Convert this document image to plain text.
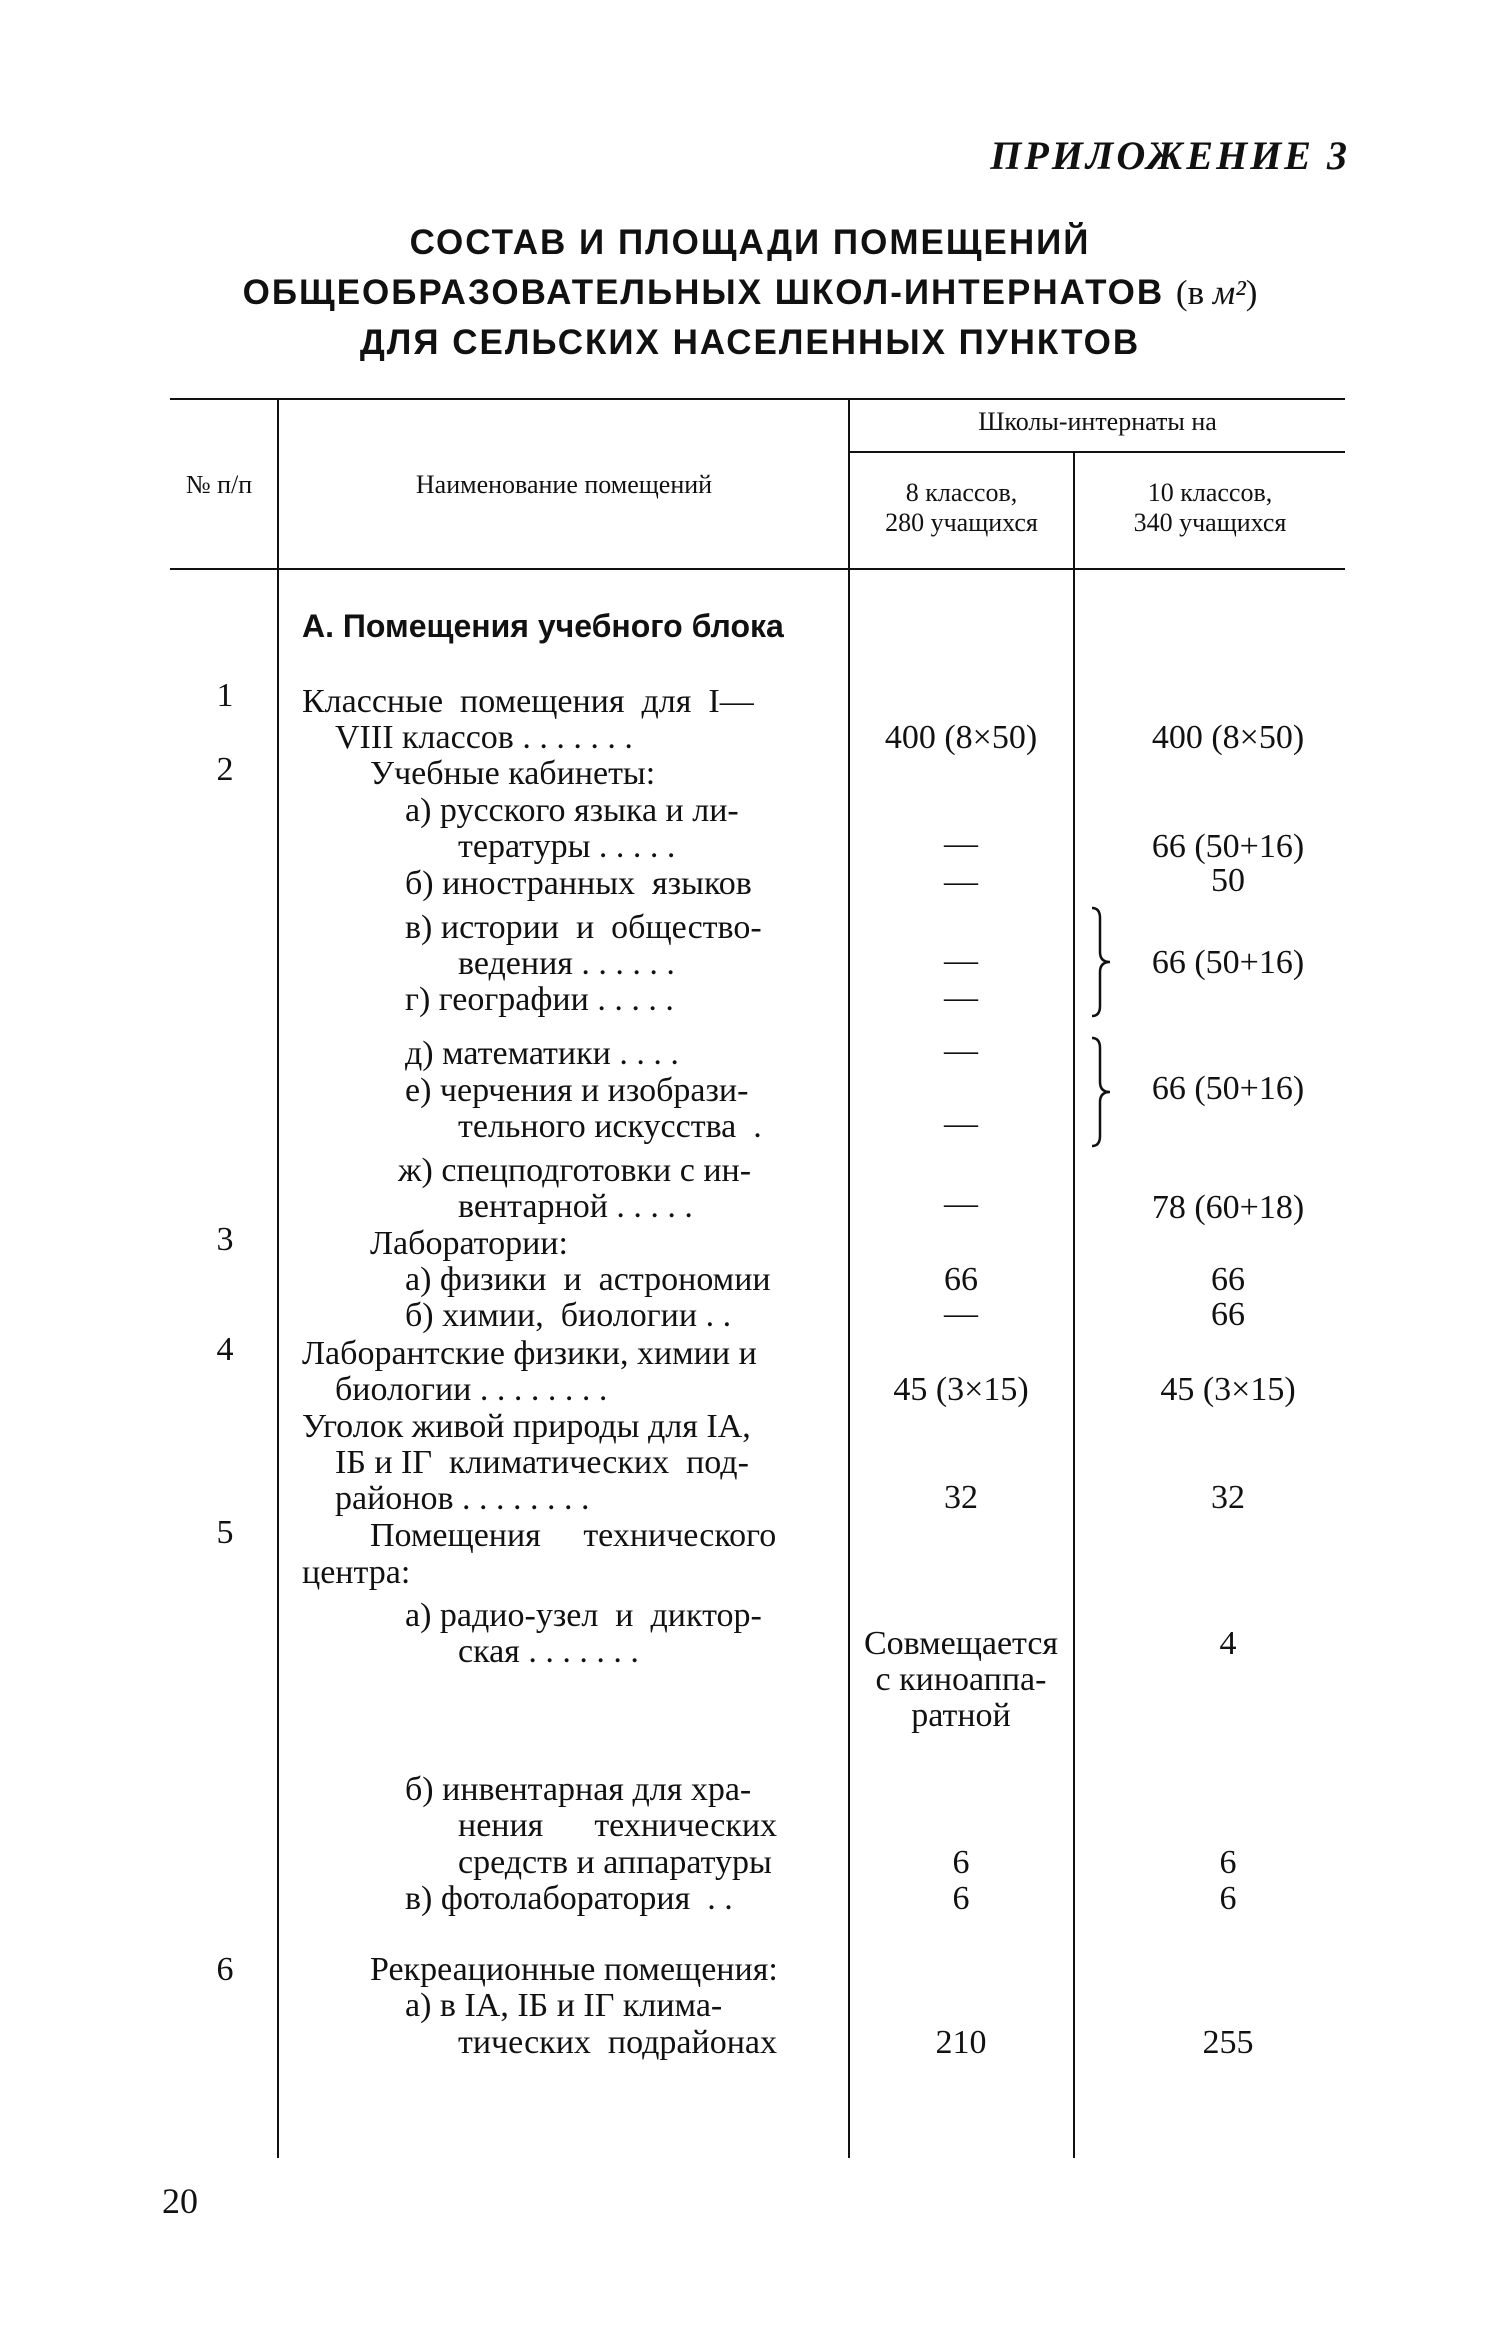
ПРИЛОЖЕНИЕ 3
СОСТАВ И ПЛОЩАДИ ПОМЕЩЕНИЙ
ОБЩЕОБРАЗОВАТЕЛЬНЫХ ШКОЛ-ИНТЕРНАТОВ (в м²)
ДЛЯ СЕЛЬСКИХ НАСЕЛЕННЫХ ПУНКТОВ
№ п/п	Наименование помещений
Школы-интернаты на
8 классов,
280 учащихся
10 классов,
340 учащихся
А. Помещения учебного блока
1
2
3
4
5
6
Классные  помещения  для  I—
VIII классов . . . . . . .
Учебные кабинеты:
а) русского языка и ли-
тературы . . . . .
б) иностранных  языков
в) истории  и  общество-
ведения . . . . . .
г) географии . . . . .
д) математики . . . .
е) черчения и изобрази-
тельного искусства  .
ж) спецподготовки с ин-
вентарной . . . . .
Лаборатории:
а) физики  и  астрономии
б) химии,  биологии . .
Лаборантские физики, химии и
биологии . . . . . . . .
Уголок живой природы для IА,
IБ и IГ  климатических  под-
районов . . . . . . . .
Помещения     технического
центра:
а) радио-узел  и  диктор-
ская . . . . . . .
б) инвентарная для хра-
нения      технических
средств и аппаратуры
в) фотолаборатория  . .
Рекреационные помещения:
а) в IА, IБ и IГ клима-
тических  подрайонах
400 (8×50)
—
—
—
—
—
—
—
66
—
45 (3×15)
32
Совмещается
с киноаппа-
ратной
6
6
210
400 (8×50)
66 (50+16)
50
66 (50+16)
66 (50+16)
78 (60+18)
66
66
45 (3×15)
32
4
6
6
255
20
